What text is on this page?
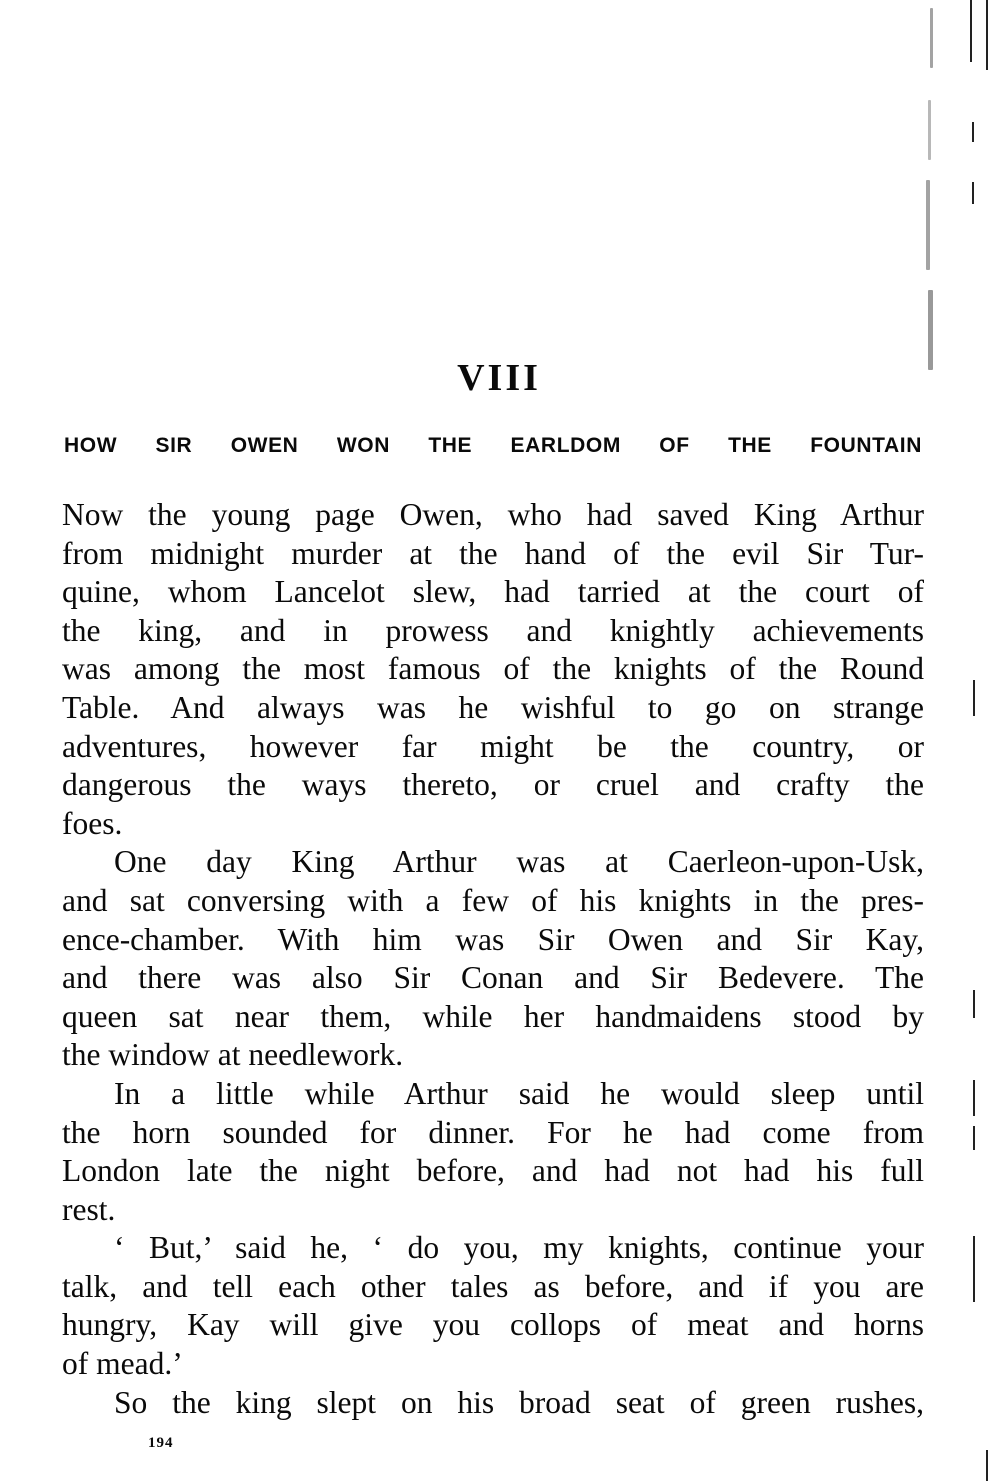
VIII
HOW SIR OWEN WON THE EARLDOM OF THE FOUNTAIN
Now the young page Owen, who had saved King Arthur
from midnight murder at the hand of the evil Sir Tur-
quine, whom Lancelot slew, had tarried at the court of
the king, and in prowess and knightly achievements
was among the most famous of the knights of the Round
Table. And always was he wishful to go on strange
adventures, however far might be the country, or
dangerous the ways thereto, or cruel and crafty the
foes.
One day King Arthur was at Caerleon-upon-Usk,
and sat conversing with a few of his knights in the pres-
ence-chamber. With him was Sir Owen and Sir Kay,
and there was also Sir Conan and Sir Bedevere. The
queen sat near them, while her handmaidens stood by
the window at needlework.
In a little while Arthur said he would sleep until
the horn sounded for dinner. For he had come from
London late the night before, and had not had his full
rest.
‘ But,’ said he, ‘ do you, my knights, continue your
talk, and tell each other tales as before, and if you are
hungry, Kay will give you collops of meat and horns
of mead.’
So the king slept on his broad seat of green rushes,
194
